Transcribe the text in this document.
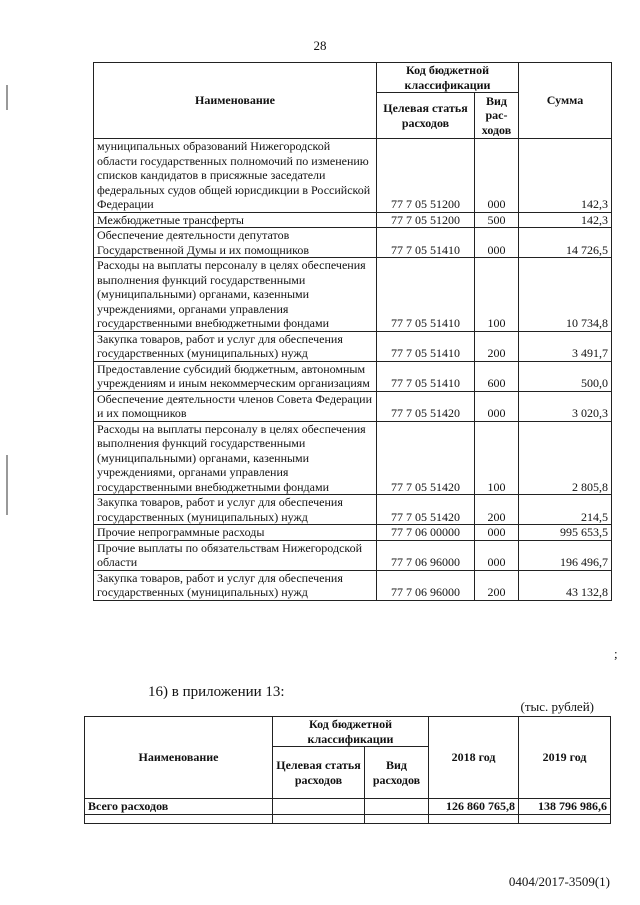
28
Наименование	Код бюджетной классификации		Сумма
	Целевая статья расходов	Вид рас-ходов	
муниципальных образований Нижегородской области государственных полномочий по изменению списков кандидатов в присяжные заседатели федеральных судов общей юрисдикции в Российской Федерации	77 7 05 51200	000	142,3
Межбюджетные трансферты	77 7 05 51200	500	142,3
Обеспечение деятельности депутатов Государственной Думы и их помощников	77 7 05 51410	000	14 726,5
Расходы на выплаты персоналу в целях обеспечения выполнения функций государственными (муниципальными) органами, казенными учреждениями, органами управления государственными внебюджетными фондами	77 7 05 51410	100	10 734,8
Закупка товаров, работ и услуг для обеспечения государственных (муниципальных) нужд	77 7 05 51410	200	3 491,7
Предоставление субсидий бюджетным, автономным учреждениям и иным некоммерческим организациям	77 7 05 51410	600	500,0
Обеспечение деятельности членов Совета Федерации и их помощников	77 7 05 51420	000	3 020,3
Расходы на выплаты персоналу в целях обеспечения выполнения функций государственными (муниципальными) органами, казенными учреждениями, органами управления государственными внебюджетными фондами	77 7 05 51420	100	2 805,8
Закупка товаров, работ и услуг для обеспечения государственных (муниципальных) нужд	77 7 05 51420	200	214,5
Прочие непрограммные расходы	77 7 06 00000	000	995 653,5
Прочие выплаты по обязательствам Нижегородской области	77 7 06 96000	000	196 496,7
Закупка товаров, работ и услуг для обеспечения государственных (муниципальных) нужд	77 7 06 96000	200	43 132,8
;
16) в приложении 13:
(тыс. рублей)
Наименование	Код бюджетной классификации		2018 год	2019 год
	Целевая статья расходов	Вид расходов		
Всего расходов			126 860 765,8	138 796 986,6

0404/2017-3509(1)
